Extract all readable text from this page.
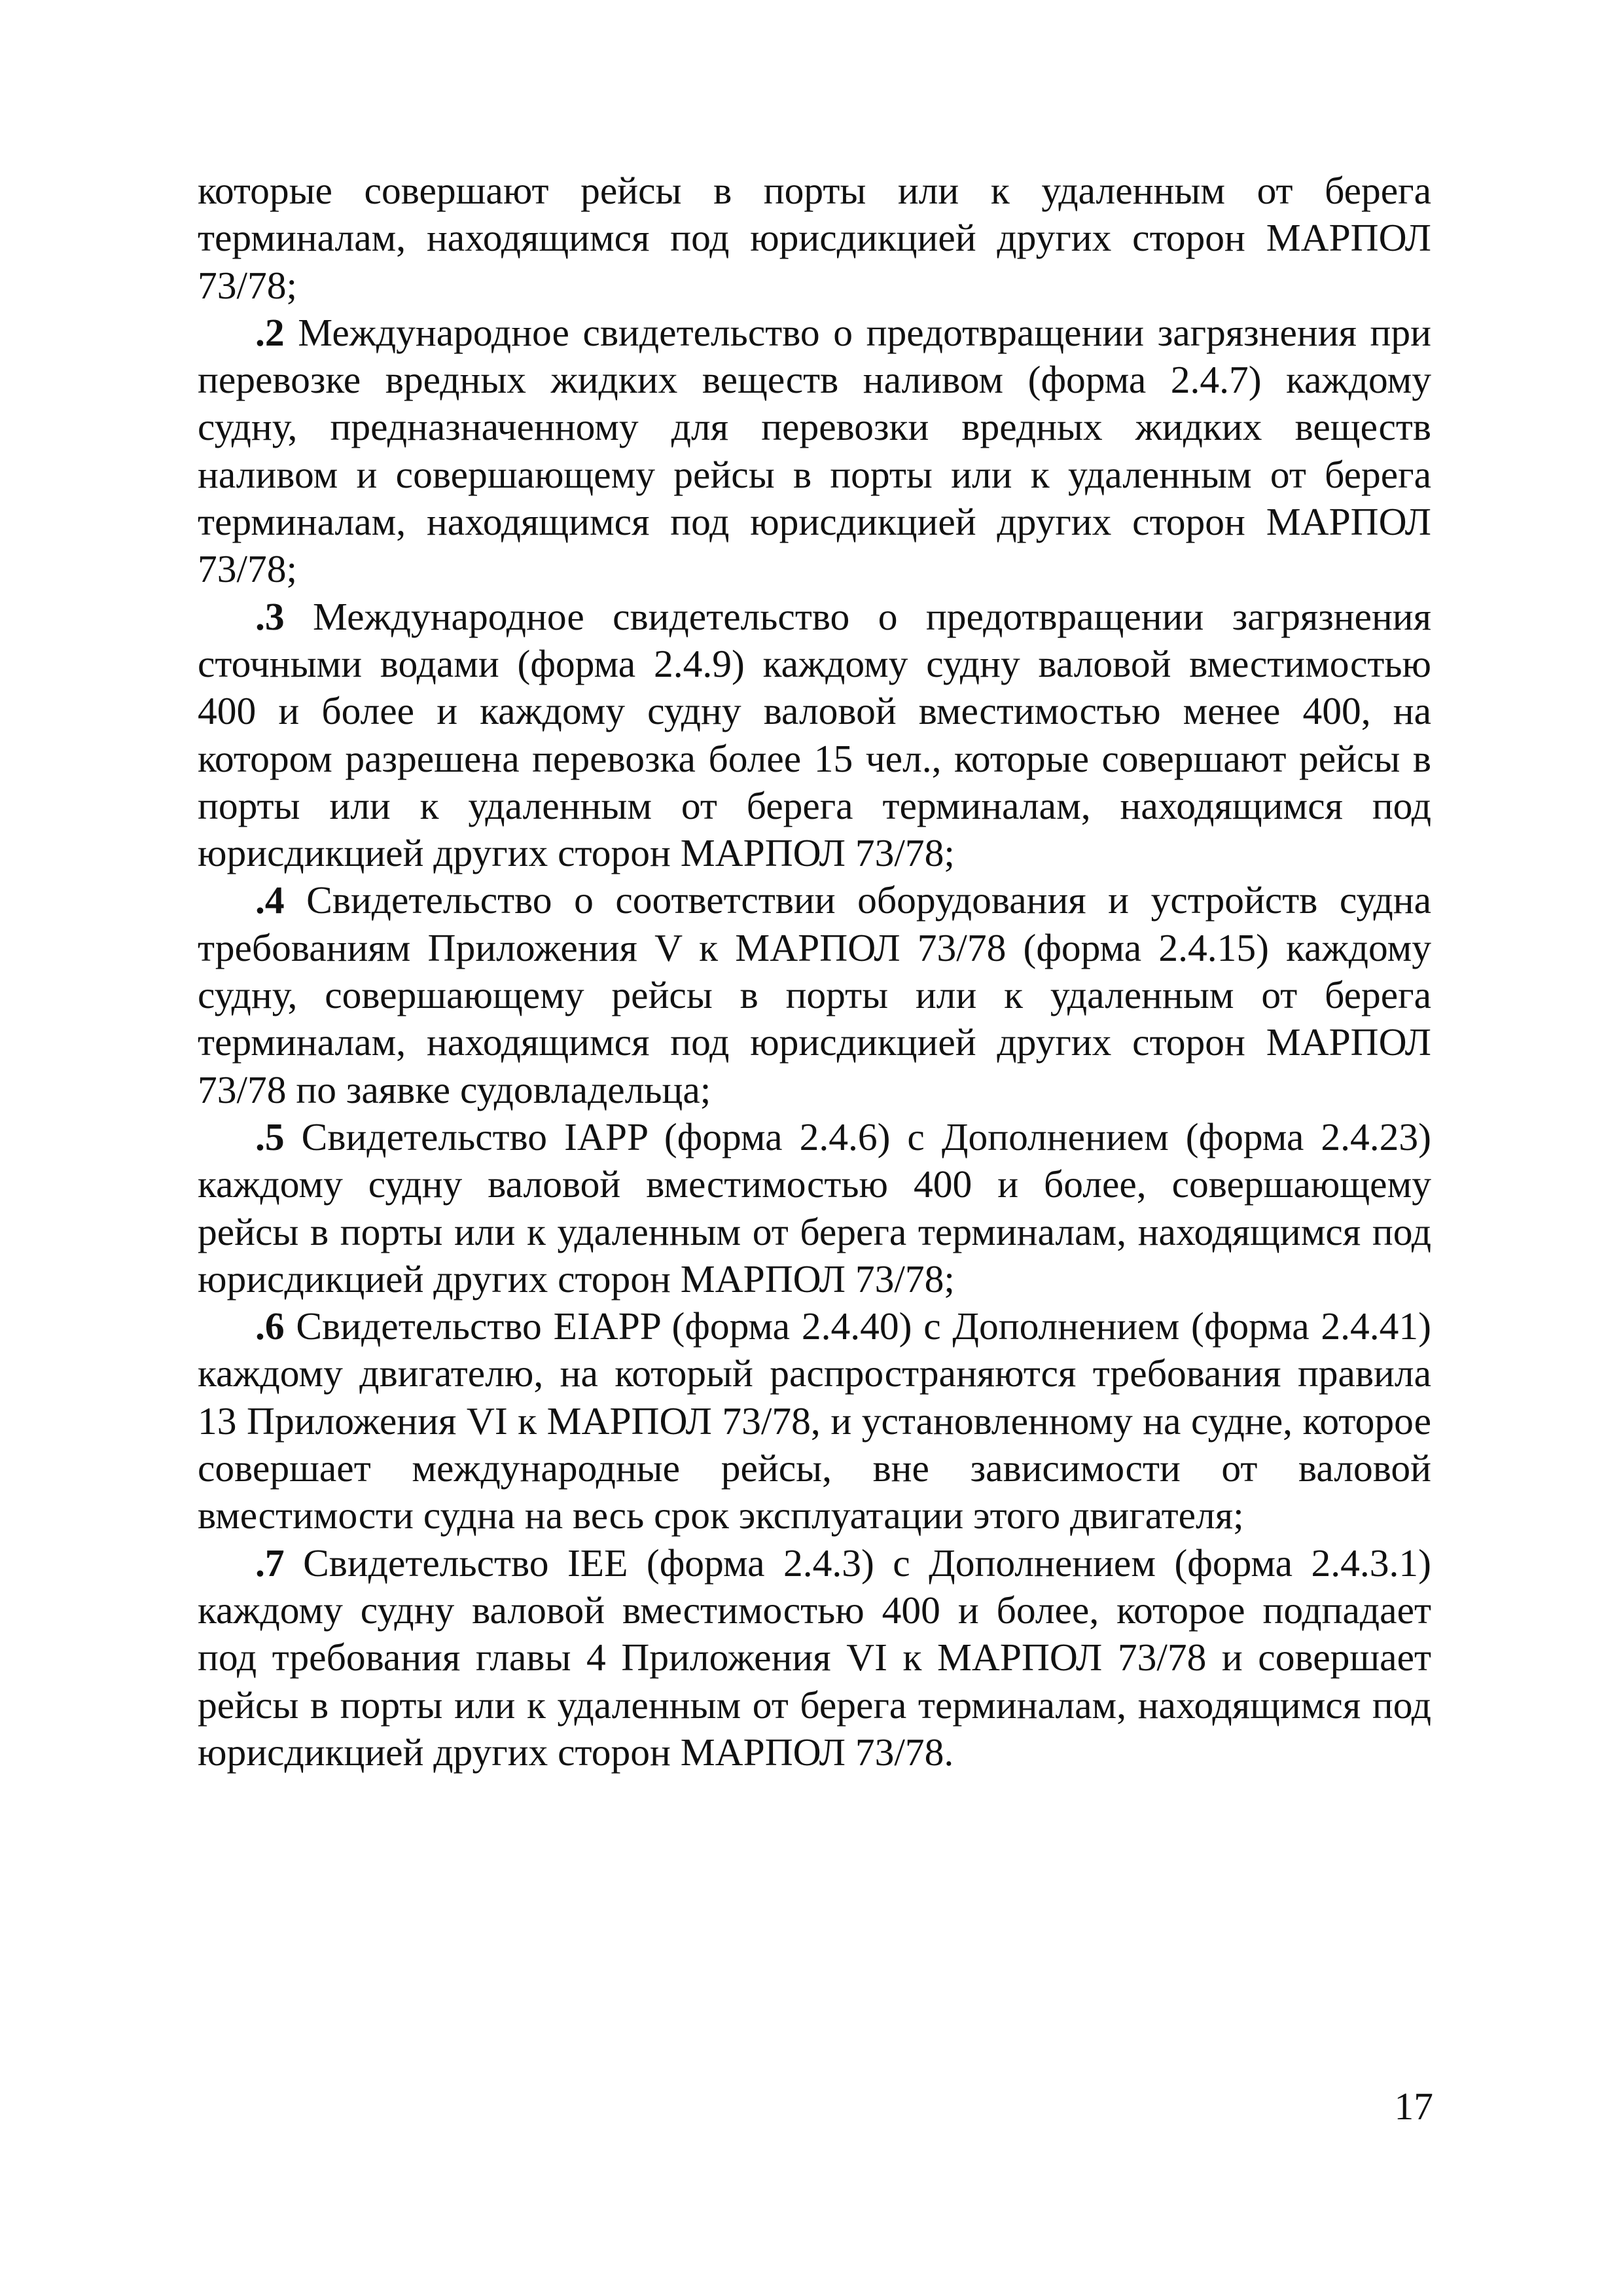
которые совершают рейсы в порты или к удаленным от берега терминалам, находящимся под юрисдикцией других сторон МАРПОЛ 73/78;

.2 Международное свидетельство о предотвращении загрязнения при перевозке вредных жидких веществ наливом (форма 2.4.7) каждому судну, предназначенному для перевозки вредных жидких веществ наливом и совершающему рейсы в порты или к удаленным от берега терминалам, находящимся под юрисдикцией других сторон МАРПОЛ 73/78;

.3 Международное свидетельство о предотвращении загрязнения сточными водами (форма 2.4.9) каждому судну валовой вместимостью 400 и более и каждому судну валовой вместимостью менее 400, на котором разрешена перевозка более 15 чел., которые совершают рейсы в порты или к удаленным от берега терминалам, находящимся под юрисдикцией других сторон МАРПОЛ 73/78;

.4 Свидетельство о соответствии оборудования и устройств судна требованиям Приложения V к МАРПОЛ 73/78 (форма 2.4.15) каждому судну, совершающему рейсы в порты или к удаленным от берега терминалам, находящимся под юрисдикцией других сторон МАРПОЛ 73/78 по заявке судовладельца;

.5 Свидетельство IAPP (форма 2.4.6) с Дополнением (форма 2.4.23) каждому судну валовой вместимостью 400 и более, совершающему рейсы в порты или к удаленным от берега терминалам, находящимся под юрисдикцией других сторон МАРПОЛ 73/78;

.6 Свидетельство EIAPP (форма 2.4.40) с Дополнением (форма 2.4.41) каждому двигателю, на который распространяются требования правила 13 Приложения VI к МАРПОЛ 73/78, и установленному на судне, которое совершает международные рейсы, вне зависимости от валовой вместимости судна на весь срок эксплуатации этого двигателя;

.7 Свидетельство IEE (форма 2.4.3) с Дополнением (форма 2.4.3.1) каждому судну валовой вместимостью 400 и более, которое подпадает под требования главы 4 Приложения VI к МАРПОЛ 73/78 и совершает рейсы в порты или к удаленным от берега терминалам, находящимся под юрисдикцией других сторон МАРПОЛ 73/78.

17
